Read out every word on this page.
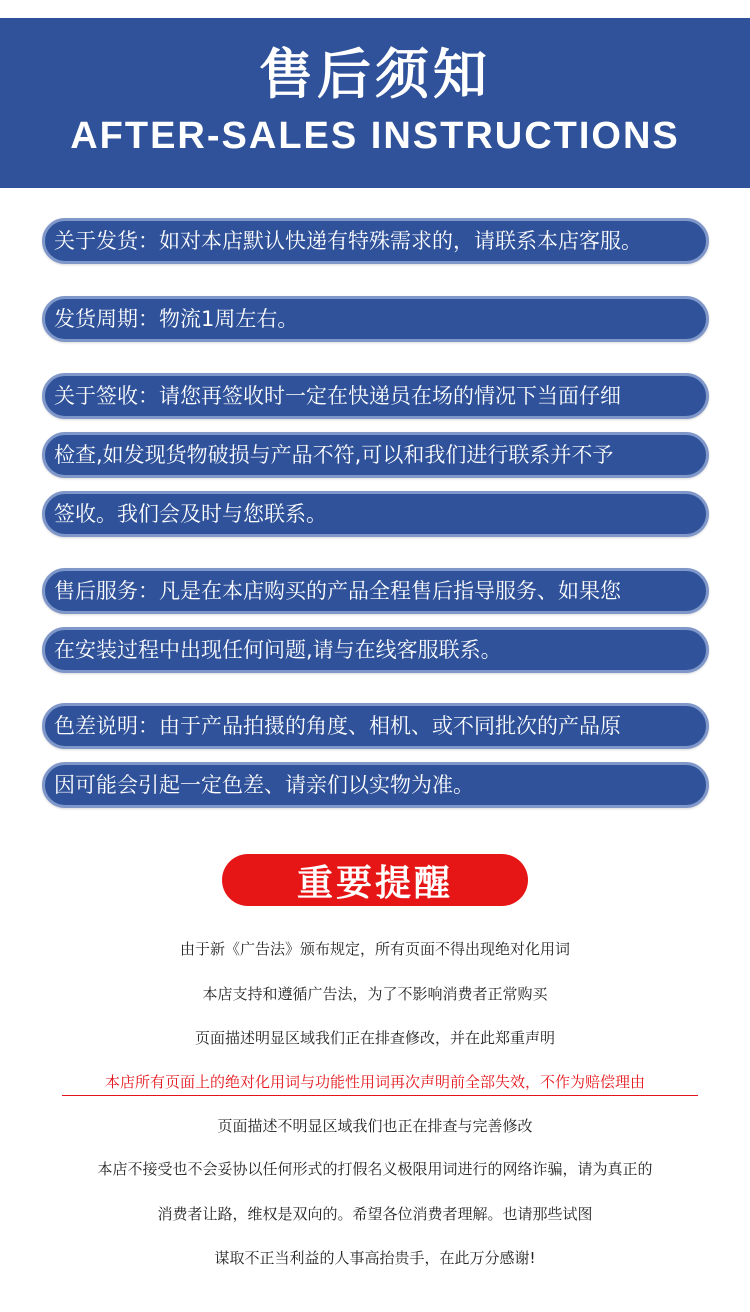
售后须知
AFTER-SALES INSTRUCTIONS
关于发货：如对本店默认快递有特殊需求的，请联系本店客服。
发货周期：物流1周左右。
关于签收：请您再签收时一定在快递员在场的情况下当面仔细
检查,如发现货物破损与产品不符,可以和我们进行联系并不予
签收。我们会及时与您联系。
售后服务：凡是在本店购买的产品全程售后指导服务、如果您
在安装过程中出现任何问题,请与在线客服联系。
色差说明：由于产品拍摄的角度、相机、或不同批次的产品原
因可能会引起一定色差、请亲们以实物为准。
重要提醒
由于新《广告法》颁布规定，所有页面不得出现绝对化用词
本店支持和遵循广告法，为了不影响消费者正常购买
页面描述明显区域我们正在排查修改，并在此郑重声明
本店所有页面上的绝对化用词与功能性用词再次声明前全部失效，不作为赔偿理由
页面描述不明显区域我们也正在排查与完善修改
本店不接受也不会妥协以任何形式的打假名义极限用词进行的网络诈骗，请为真正的
消费者让路，维权是双向的。希望各位消费者理解。也请那些试图
谋取不正当利益的人事高抬贵手，在此万分感谢!
